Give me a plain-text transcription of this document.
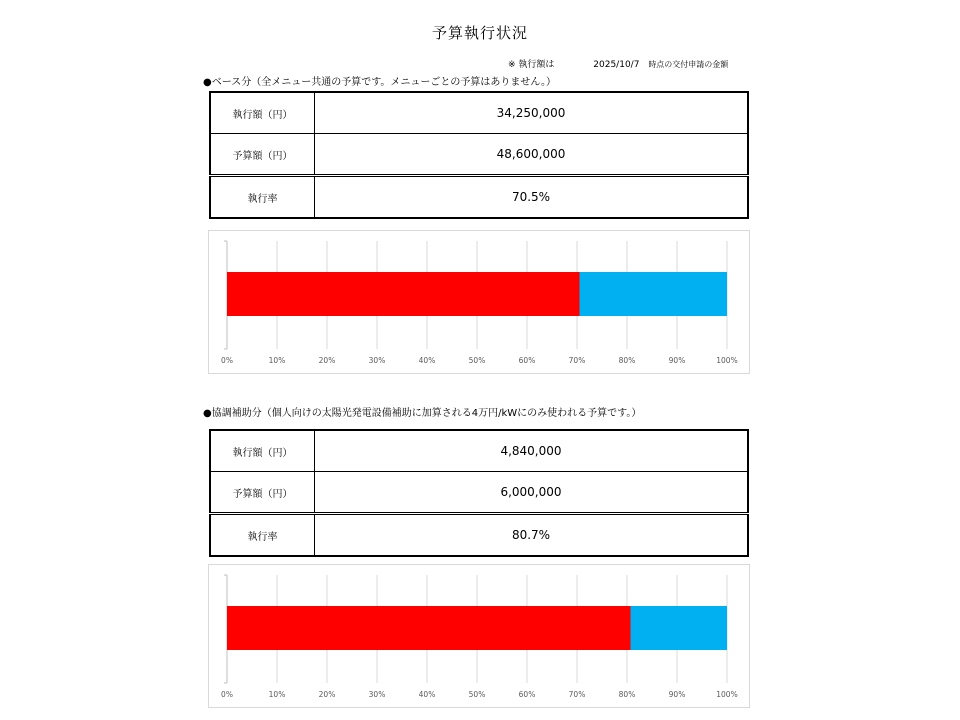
予算執行状況
※ 執行額は	2025/10/7 時点の交付申請の金額
●ベース分（全メニュー共通の予算です。メニューごとの予算はありません。）
執行額（円）	34,250,000
予算額（円）	48,600,000
執行率	70.5%
0%	10%	20%	30%	40%	50%	60%	70%	80%	90%	100%
●協調補助分（個人向けの太陽光発電設備補助に加算される4万円/kWにのみ使われる予算です。）
執行額（円）	4,840,000
予算額（円）	6,000,000
執行率	80.7%
0%	10%	20%	30%	40%	50%	60%	70%	80%	90%	100%
